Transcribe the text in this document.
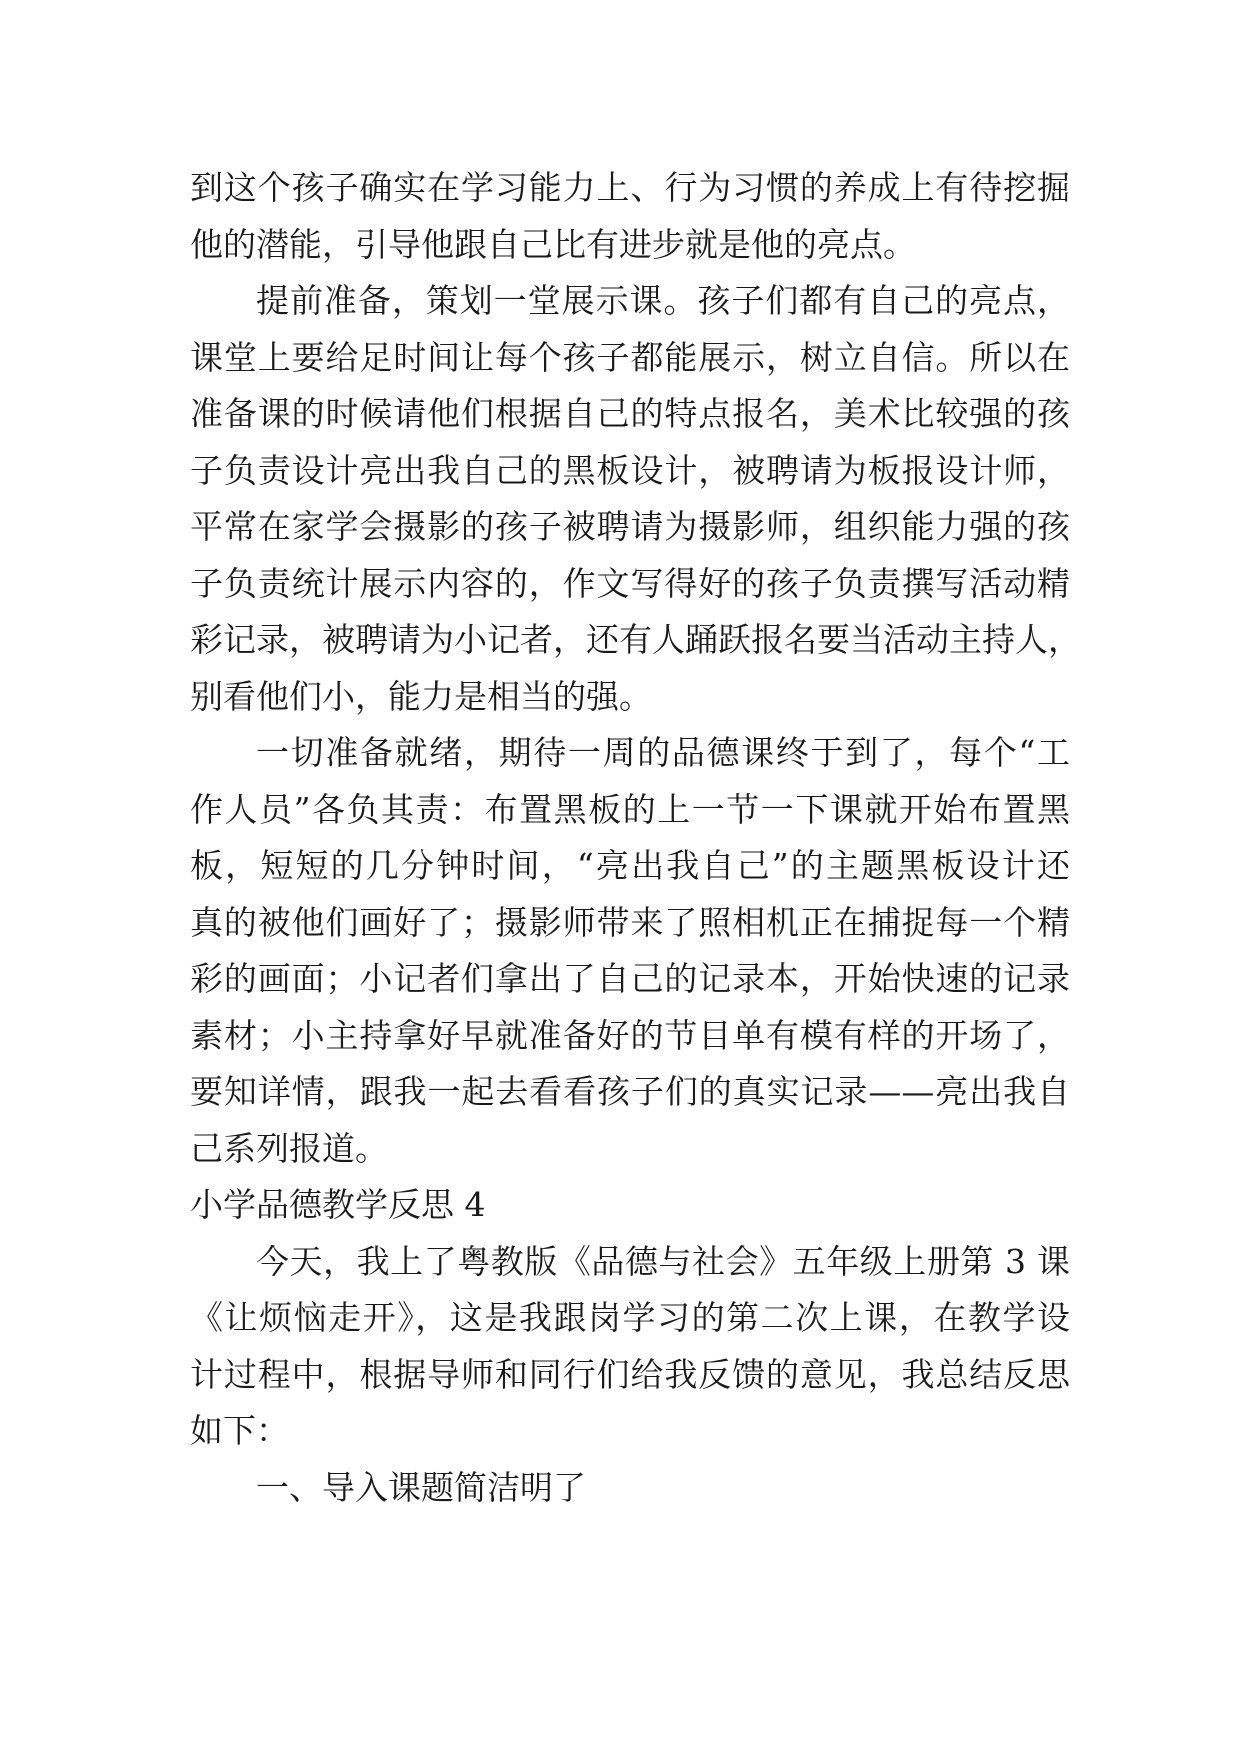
到这个孩子确实在学习能力上、行为习惯的养成上有待挖掘
他的潜能，引导他跟自己比有进步就是他的亮点。
提前准备，策划一堂展示课。孩子们都有自己的亮点，
课堂上要给足时间让每个孩子都能展示，树立自信。所以在
准备课的时候请他们根据自己的特点报名，美术比较强的孩
子负责设计亮出我自己的黑板设计，被聘请为板报设计师，
平常在家学会摄影的孩子被聘请为摄影师，组织能力强的孩
子负责统计展示内容的，作文写得好的孩子负责撰写活动精
彩记录，被聘请为小记者，还有人踊跃报名要当活动主持人，
别看他们小，能力是相当的强。
一切准备就绪，期待一周的品德课终于到了，每个“工
作人员”各负其责：布置黑板的上一节一下课就开始布置黑
板，短短的几分钟时间，“亮出我自己”的主题黑板设计还
真的被他们画好了；摄影师带来了照相机正在捕捉每一个精
彩的画面；小记者们拿出了自己的记录本，开始快速的记录
素材；小主持拿好早就准备好的节目单有模有样的开场了，
要知详情，跟我一起去看看孩子们的真实记录——亮出我自
己系列报道。
小学品德教学反思 4
今天，我上了粤教版《品德与社会》五年级上册第 3 课
《让烦恼走开》，这是我跟岗学习的第二次上课，在教学设
计过程中，根据导师和同行们给我反馈的意见，我总结反思
如下：
一、导入课题简洁明了
